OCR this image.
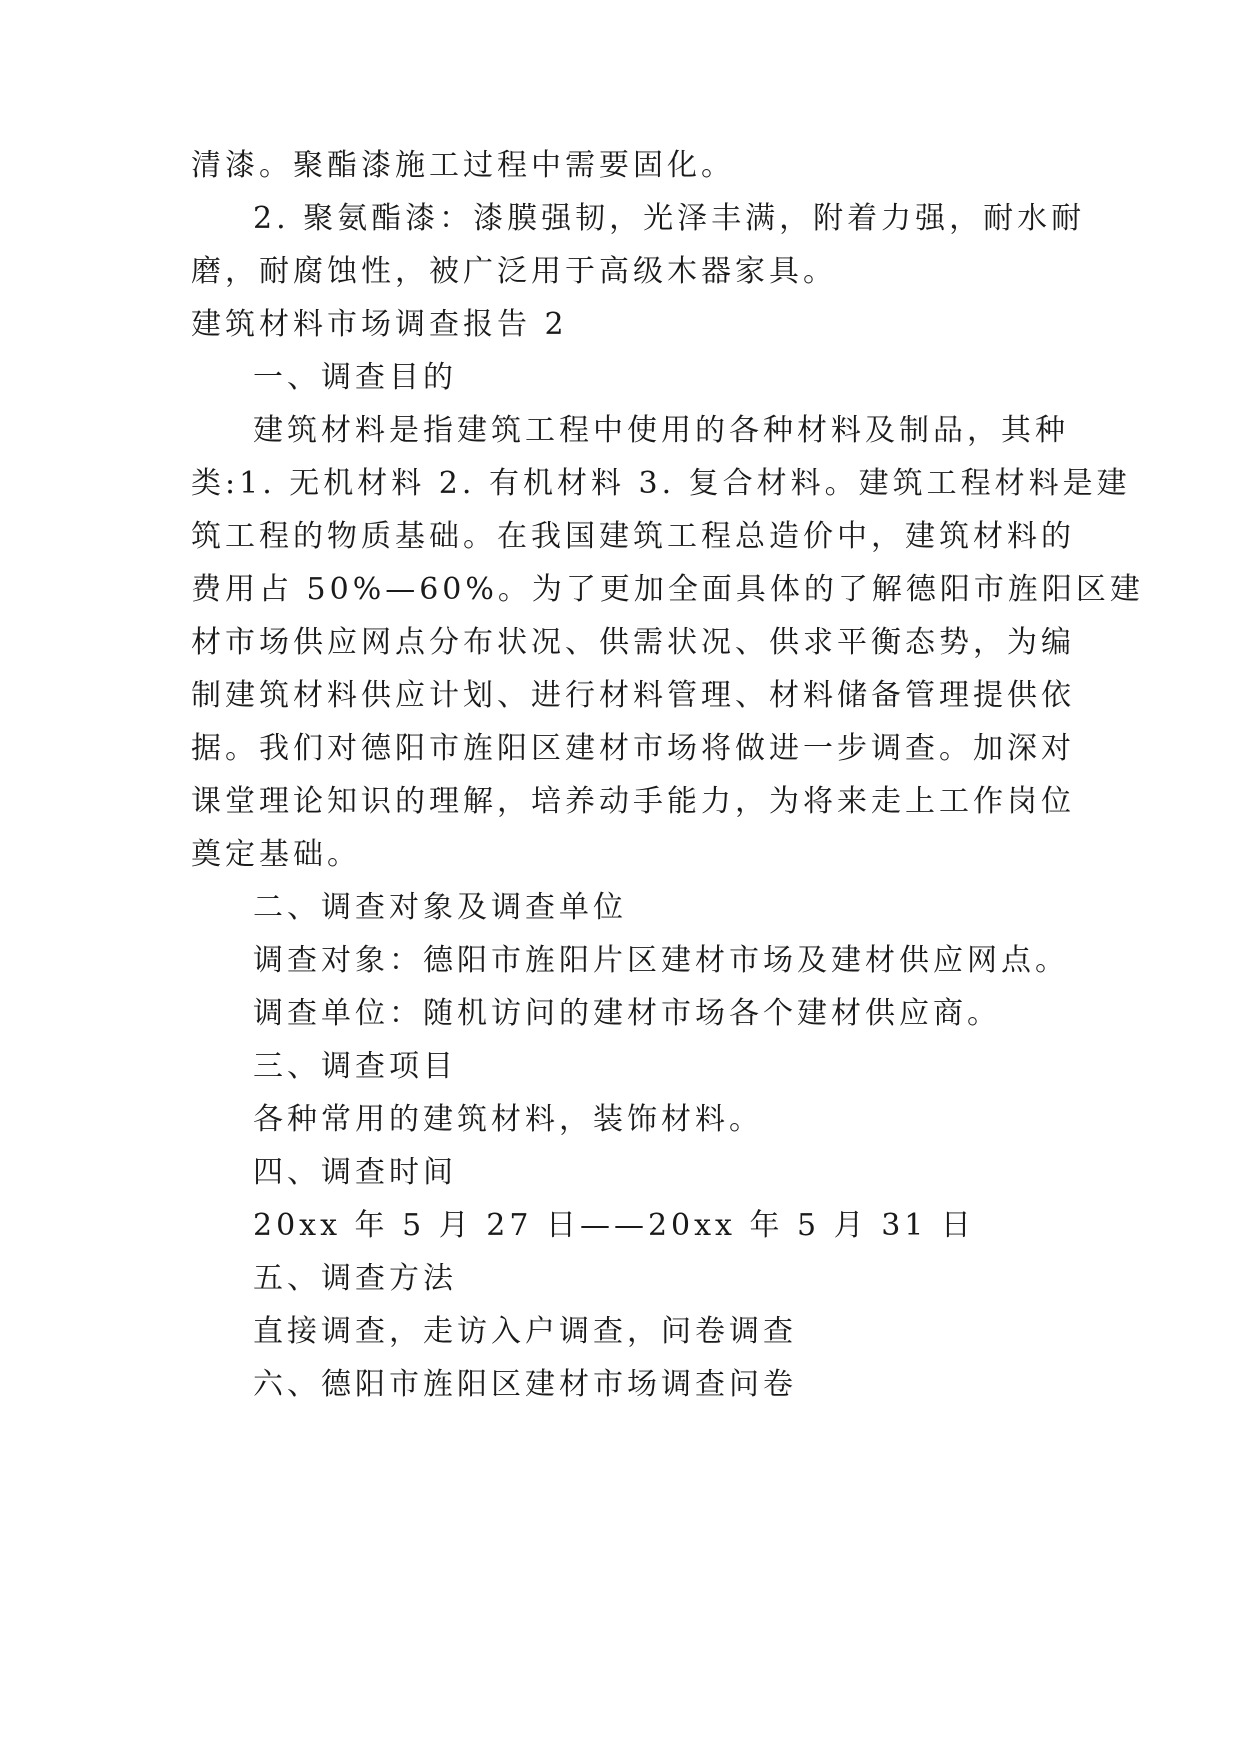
清漆。聚酯漆施工过程中需要固化。
2. 聚氨酯漆：漆膜强韧，光泽丰满，附着力强，耐水耐
磨，耐腐蚀性，被广泛用于高级木器家具。
建筑材料市场调查报告 2
一、调查目的
建筑材料是指建筑工程中使用的各种材料及制品，其种
类:1. 无机材料 2. 有机材料 3. 复合材料。建筑工程材料是建
筑工程的物质基础。在我国建筑工程总造价中，建筑材料的
费用占 50%—60%。为了更加全面具体的了解德阳市旌阳区建
材市场供应网点分布状况、供需状况、供求平衡态势，为编
制建筑材料供应计划、进行材料管理、材料储备管理提供依
据。我们对德阳市旌阳区建材市场将做进一步调查。加深对
课堂理论知识的理解，培养动手能力，为将来走上工作岗位
奠定基础。
二、调查对象及调查单位
调查对象：德阳市旌阳片区建材市场及建材供应网点。
调查单位：随机访问的建材市场各个建材供应商。
三、调查项目
各种常用的建筑材料，装饰材料。
四、调查时间
20xx 年 5 月 27 日——20xx 年 5 月 31 日
五、调查方法
直接调查，走访入户调查，问卷调查
六、德阳市旌阳区建材市场调查问卷
